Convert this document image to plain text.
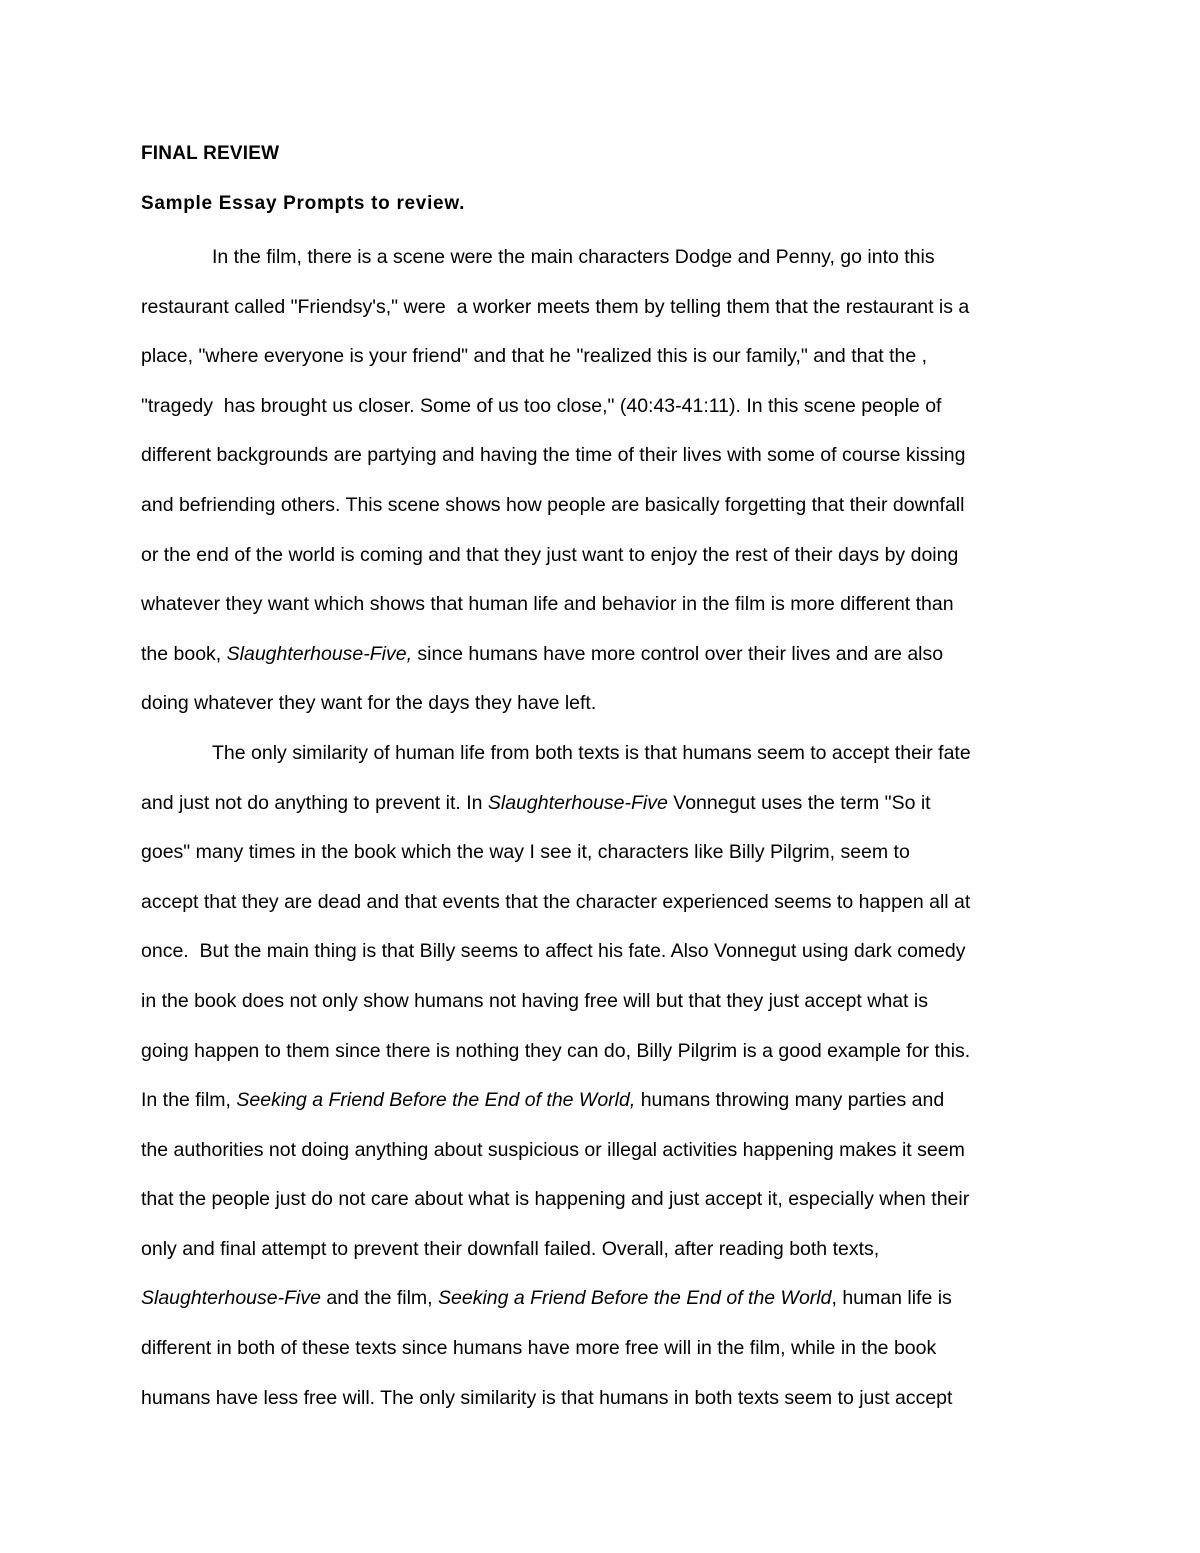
FINAL REVIEW
Sample Essay Prompts to review.

In the film, there is a scene were the main characters Dodge and Penny, go into this

restaurant called "Friendsy's," were  a worker meets them by telling them that the restaurant is a

place, "where everyone is your friend" and that he "realized this is our family," and that the ,

"tragedy  has brought us closer. Some of us too close," (40:43-41:11). In this scene people of

different backgrounds are partying and having the time of their lives with some of course kissing

and befriending others. This scene shows how people are basically forgetting that their downfall

or the end of the world is coming and that they just want to enjoy the rest of their days by doing

whatever they want which shows that human life and behavior in the film is more different than

the book, Slaughterhouse-Five, since humans have more control over their lives and are also

doing whatever they want for the days they have left.

The only similarity of human life from both texts is that humans seem to accept their fate

and just not do anything to prevent it. In Slaughterhouse-Five Vonnegut uses the term "So it

goes" many times in the book which the way I see it, characters like Billy Pilgrim, seem to

accept that they are dead and that events that the character experienced seems to happen all at

once.  But the main thing is that Billy seems to affect his fate. Also Vonnegut using dark comedy

in the book does not only show humans not having free will but that they just accept what is

going happen to them since there is nothing they can do, Billy Pilgrim is a good example for this.

In the film, Seeking a Friend Before the End of the World, humans throwing many parties and

the authorities not doing anything about suspicious or illegal activities happening makes it seem

that the people just do not care about what is happening and just accept it, especially when their

only and final attempt to prevent their downfall failed. Overall, after reading both texts,

Slaughterhouse-Five and the film, Seeking a Friend Before the End of the World, human life is

different in both of these texts since humans have more free will in the film, while in the book

humans have less free will. The only similarity is that humans in both texts seem to just accept
